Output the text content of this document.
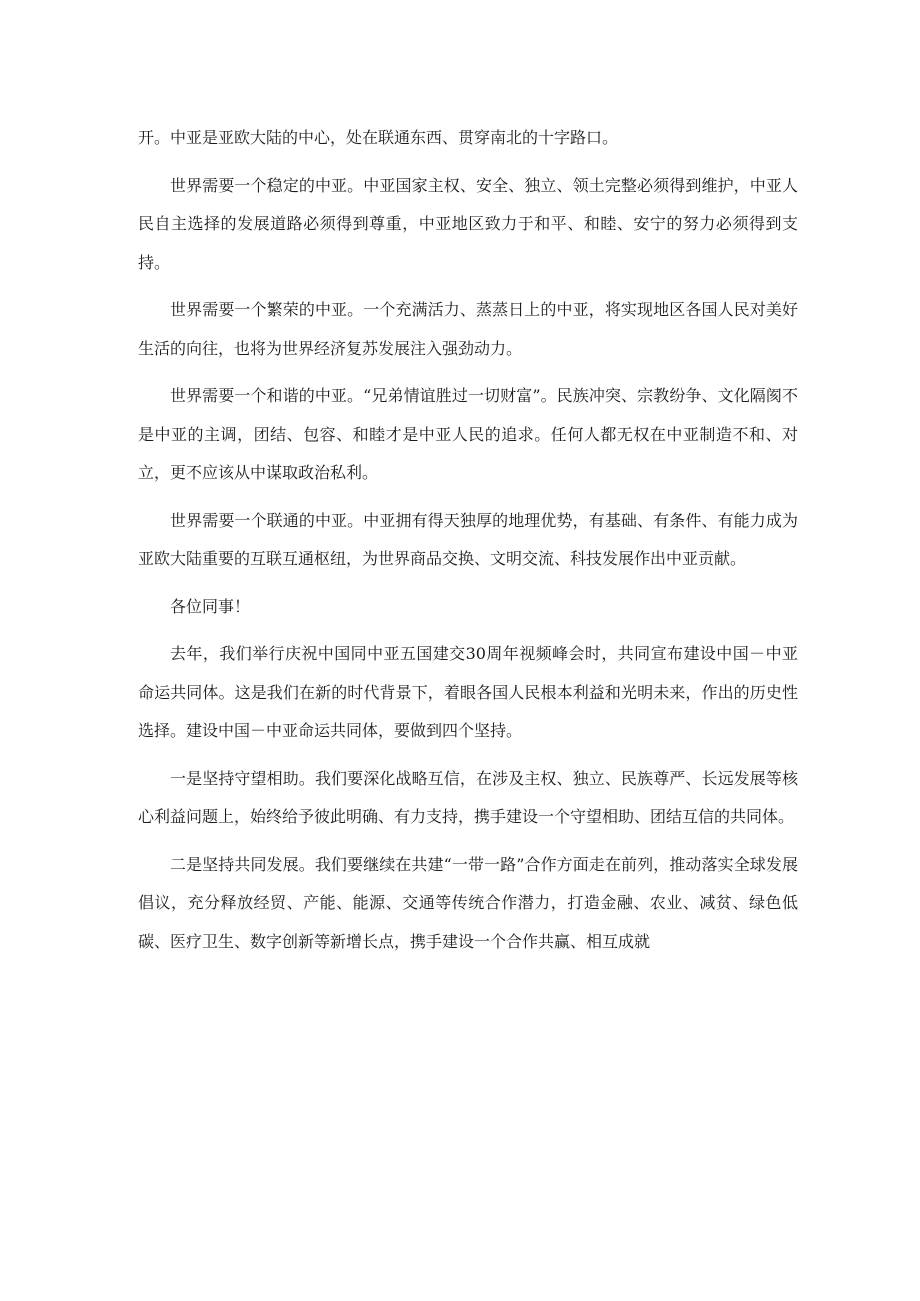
开。中亚是亚欧大陆的中心，处在联通东西、贯穿南北的十字路口。

世界需要一个稳定的中亚。中亚国家主权、安全、独立、领土完整必须得到维护，中亚人民自主选择的发展道路必须得到尊重，中亚地区致力于和平、和睦、安宁的努力必须得到支持。

世界需要一个繁荣的中亚。一个充满活力、蒸蒸日上的中亚，将实现地区各国人民对美好生活的向往，也将为世界经济复苏发展注入强劲动力。

世界需要一个和谐的中亚。“兄弟情谊胜过一切财富”。民族冲突、宗教纷争、文化隔阂不是中亚的主调，团结、包容、和睦才是中亚人民的追求。任何人都无权在中亚制造不和、对立，更不应该从中谋取政治私利。

世界需要一个联通的中亚。中亚拥有得天独厚的地理优势，有基础、有条件、有能力成为亚欧大陆重要的互联互通枢纽，为世界商品交换、文明交流、科技发展作出中亚贡献。

各位同事！

去年，我们举行庆祝中国同中亚五国建交30周年视频峰会时，共同宣布建设中国－中亚命运共同体。这是我们在新的时代背景下，着眼各国人民根本利益和光明未来，作出的历史性选择。建设中国－中亚命运共同体，要做到四个坚持。

一是坚持守望相助。我们要深化战略互信，在涉及主权、独立、民族尊严、长远发展等核心利益问题上，始终给予彼此明确、有力支持，携手建设一个守望相助、团结互信的共同体。

二是坚持共同发展。我们要继续在共建“一带一路”合作方面走在前列，推动落实全球发展倡议，充分释放经贸、产能、能源、交通等传统合作潜力，打造金融、农业、减贫、绿色低碳、医疗卫生、数字创新等新增长点，携手建设一个合作共赢、相互成就
